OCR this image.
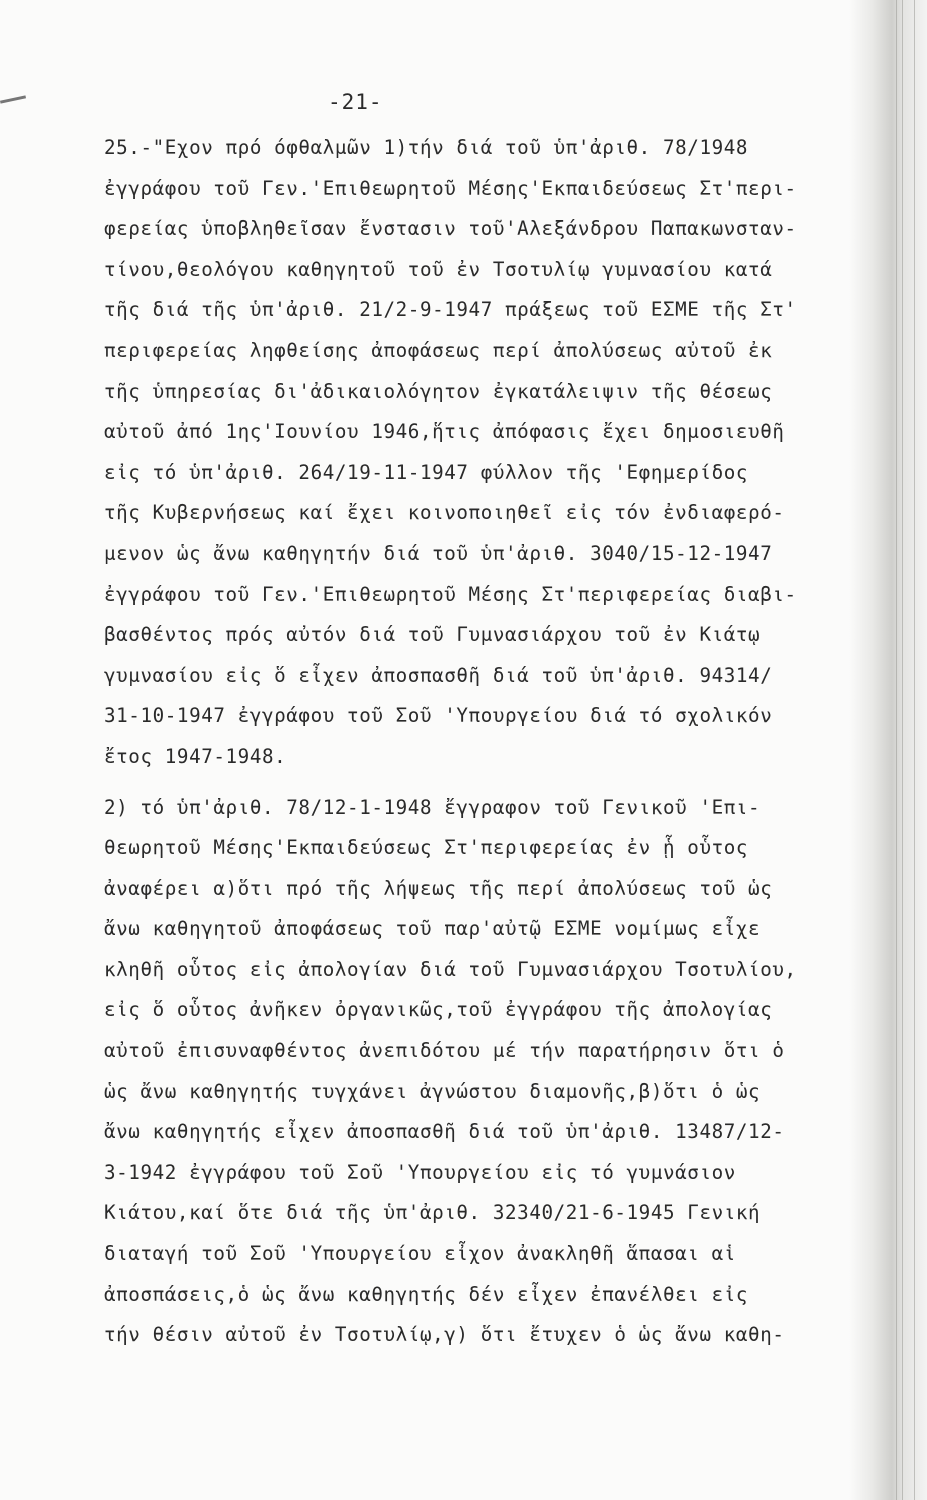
-21-
25.-"Εχον πρό όφθαλμῶν 1)τήν διά τοῦ ὑπ'ἀριθ. 78/1948
ἐγγράφου τοῦ Γεν.'Επιθεωρητοῦ Μέσης'Εκπαιδεύσεως Στ'περι-
φερείας ὑποβληθεῖσαν ἔνστασιν τοῦ'Αλεξάνδρου Παπακωνσταν-
τίνου,θεολόγου καθηγητοῦ τοῦ ἐν Τσοτυλίῳ γυμνασίου κατά
τῆς διά τῆς ὑπ'ἀριθ. 21/2-9-1947 πράξεως τοῦ ΕΣΜΕ τῆς Στ'
περιφερείας ληφθείσης ἀποφάσεως περί ἀπολύσεως αὐτοῦ ἐκ
τῆς ὑπηρεσίας δι'ἀδικαιολόγητον ἐγκατάλειψιν τῆς θέσεως
αὐτοῦ ἀπό 1ης'Ιουνίου 1946,ἥτις ἀπόφασις ἔχει δημοσιευθῆ
εἰς τό ὑπ'ἀριθ. 264/19-11-1947 φύλλον τῆς 'Εφημερίδος
τῆς Κυβερνήσεως καί ἔχει κοινοποιηθεῖ εἰς τόν ἐνδιαφερό-
μενον ὡς ἄνω καθηγητήν διά τοῦ ὑπ'ἀριθ. 3040/15-12-1947
ἐγγράφου τοῦ Γεν.'Επιθεωρητοῦ Μέσης Στ'περιφερείας διαβι-
βασθέντος πρός αὐτόν διά τοῦ Γυμνασιάρχου τοῦ ἐν Κιάτῳ
γυμνασίου εἰς ὅ εἶχεν ἀποσπασθῆ διά τοῦ ὑπ'ἀριθ. 94314/
31-10-1947 ἐγγράφου τοῦ Σοῦ 'Υπουργείου διά τό σχολικόν
ἔτος 1947-1948.
2) τό ὑπ'ἀριθ. 78/12-1-1948 ἔγγραφον τοῦ Γενικοῦ 'Επι-
θεωρητοῦ Μέσης'Εκπαιδεύσεως Στ'περιφερείας ἐν ᾗ οὗτος
ἀναφέρει α)ὅτι πρό τῆς λήψεως τῆς περί ἀπολύσεως τοῦ ὡς
ἄνω καθηγητοῦ ἀποφάσεως τοῦ παρ'αὐτῷ ΕΣΜΕ νομίμως εἶχε
κληθῆ οὗτος εἰς ἀπολογίαν διά τοῦ Γυμνασιάρχου Τσοτυλίου,
εἰς ὅ οὗτος ἀνῆκεν ὀργανικῶς,τοῦ ἐγγράφου τῆς ἀπολογίας
αὐτοῦ ἐπισυναφθέντος ἀνεπιδότου μέ τήν παρατήρησιν ὅτι ὁ
ὡς ἄνω καθηγητής τυγχάνει ἀγνώστου διαμονῆς,β)ὅτι ὁ ὡς
ἄνω καθηγητής εἶχεν ἀποσπασθῆ διά τοῦ ὑπ'ἀριθ. 13487/12-
3-1942 ἐγγράφου τοῦ Σοῦ 'Υπουργείου εἰς τό γυμνάσιον
Κιάτου,καί ὅτε διά τῆς ὑπ'ἀριθ. 32340/21-6-1945 Γενική
διαταγή τοῦ Σοῦ 'Υπουργείου εἶχον ἀνακληθῆ ἅπασαι αἱ
ἀποσπάσεις,ὁ ὡς ἄνω καθηγητής δέν εἶχεν ἐπανέλθει εἰς
τήν θέσιν αὐτοῦ ἐν Τσοτυλίῳ,γ) ὅτι ἔτυχεν ὁ ὡς ἄνω καθη-
